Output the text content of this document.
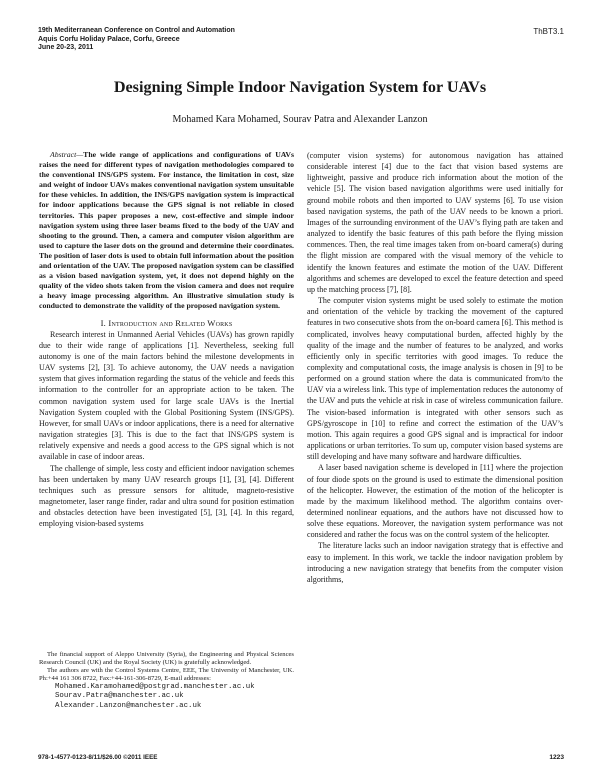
19th Mediterranean Conference on Control and Automation
Aquis Corfu Holiday Palace, Corfu, Greece
June 20-23, 2011
ThBT3.1
Designing Simple Indoor Navigation System for UAVs
Mohamed Kara Mohamed, Sourav Patra and Alexander Lanzon

Abstract—The wide range of applications and configurations of UAVs raises the need for different types of navigation methodologies compared to the conventional INS/GPS system. For instance, the limitation in cost, size and weight of indoor UAVs makes conventional navigation system unsuitable for these vehicles. In addition, the INS/GPS navigation system is impractical for indoor applications because the GPS signal is not reliable in closed territories. This paper proposes a new, cost-effective and simple indoor navigation system using three laser beams fixed to the body of the UAV and shooting to the ground. Then, a camera and computer vision algorithm are used to capture the laser dots on the ground and determine their coordinates. The position of laser dots is used to obtain full information about the position and orientation of the UAV. The proposed navigation system can be classified as a vision based navigation system, yet, it does not depend highly on the quality of the video shots taken from the vision camera and does not require a heavy image processing algorithm. An illustrative simulation study is conducted to demonstrate the validity of the proposed navigation system.

I. Introduction and Related Works

Research interest in Unmanned Aerial Vehicles (UAVs) has grown rapidly due to their wide range of applications [1]. Nevertheless, seeking full autonomy is one of the main factors behind the milestone developments in UAV systems [2], [3]. To achieve autonomy, the UAV needs a navigation system that gives information regarding the status of the vehicle and feeds this information to the controller for an appropriate action to be taken. The common navigation system used for large scale UAVs is the Inertial Navigation System coupled with the Global Positioning System (INS/GPS). However, for small UAVs or indoor applications, there is a need for alternative navigation strategies [3]. This is due to the fact that INS/GPS system is relatively expensive and needs a good access to the GPS signal which is not available in case of indoor areas.

The challenge of simple, less costy and efficient indoor navigation schemes has been undertaken by many UAV research groups [1], [3], [4]. Different techniques such as pressure sensors for altitude, magneto-resistive magnetometer, laser range finder, radar and ultra sound for position estimation and obstacles detection have been investigated [5], [3], [4]. In this regard, employing vision-based systems

(computer vision systems) for autonomous navigation has attained considerable interest [4] due to the fact that vision based systems are lightweight, passive and produce rich information about the motion of the vehicle [5]. The vision based navigation algorithms were used initially for ground mobile robots and then imported to UAV systems [6]. To use vision based navigation systems, the path of the UAV needs to be known a priori. Images of the surrounding environment of the UAV’s flying path are taken and analyzed to identify the basic features of this path before the flying mission commences. Then, the real time images taken from on-board camera(s) during the flight mission are compared with the visual memory of the vehicle to identify the known features and estimate the motion of the UAV. Different algorithms and schemes are developed to excel the feature detection and speed up the matching process [7], [8].

The computer vision systems might be used solely to estimate the motion and orientation of the vehicle by tracking the movement of the captured features in two consecutive shots from the on-board camera [6]. This method is complicated, involves heavy computational burden, affected highly by the quality of the image and the number of features to be analyzed, and works efficiently only in specific territories with good images. To reduce the complexity and computational costs, the image analysis is chosen in [9] to be performed on a ground station where the data is communicated from/to the UAV via a wireless link. This type of implementation reduces the autonomy of the UAV and puts the vehicle at risk in case of wireless communication failure. The vision-based information is integrated with other sensors such as GPS/gyroscope in [10] to refine and correct the estimation of the UAV’s motion. This again requires a good GPS signal and is impractical for indoor applications or urban territories. To sum up, computer vision based systems are still developing and have many software and hardware difficulties.

A laser based navigation scheme is developed in [11] where the projection of four diode spots on the ground is used to estimate the dimensional position of the helicopter. However, the estimation of the motion of the helicopter is made by the maximum likelihood method. The algorithm contains over-determined nonlinear equations, and the authors have not discussed how to solve these equations. Moreover, the navigation system performance was not considered and rather the focus was on the control system of the helicopter.

The literature lacks such an indoor navigation strategy that is effective and easy to implement. In this work, we tackle the indoor navigation problem by introducing a new navigation strategy that benefits from the computer vision algorithms,

The financial support of Aleppo University (Syria), the Engineering and Physical Sciences Research Council (UK) and the Royal Society (UK) is gratefully acknowledged.

The authors are with the Control Systems Centre, EEE, The University of Manchester, UK. Ph:+44 161 306 8722, Fax:+44-161-306-8729, E-mail addresses:

Mohamed.Karamohamed@postgrad.manchester.ac.uk
Sourav.Patra@manchester.ac.uk
Alexander.Lanzon@manchester.ac.uk
978-1-4577-0123-8/11/$26.00 ©2011 IEEE	1223
